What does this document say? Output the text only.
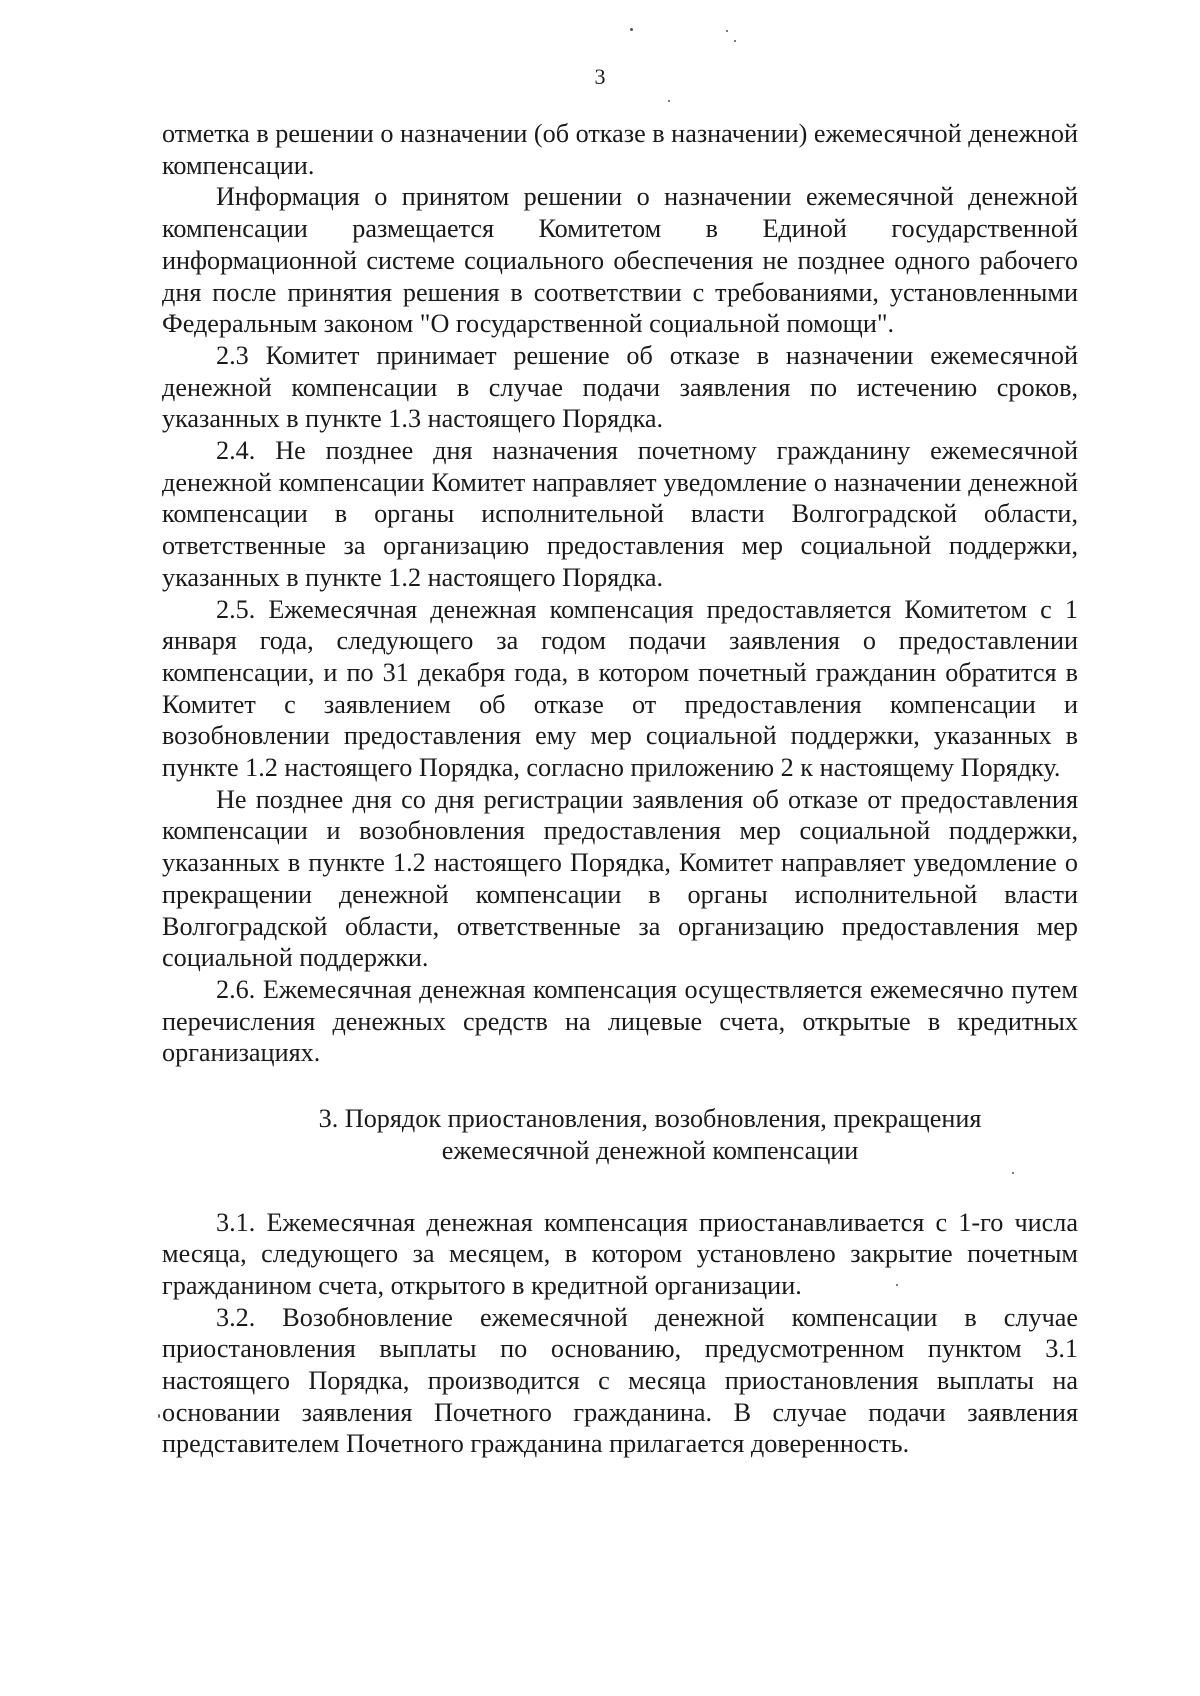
3

отметка в решении о назначении (об отказе в назначении) ежемесячной денежной компенсации.

Информация о принятом решении о назначении ежемесячной денежной компенсации размещается Комитетом в Единой государственной информационной системе социального обеспечения не позднее одного рабочего дня после принятия решения в соответствии с требованиями, установленными Федеральным законом "О государственной социальной помощи".

2.3 Комитет принимает решение об отказе в назначении ежемесячной денежной компенсации в случае подачи заявления по истечению сроков, указанных в пункте 1.3 настоящего Порядка.

2.4. Не позднее дня назначения почетному гражданину ежемесячной денежной компенсации Комитет направляет уведомление о назначении денежной компенсации в органы исполнительной власти Волгоградской области, ответственные за организацию предоставления мер социальной поддержки, указанных в пункте 1.2 настоящего Порядка.

2.5. Ежемесячная денежная компенсация предоставляется Комитетом с 1 января года, следующего за годом подачи заявления о предоставлении компенсации, и по 31 декабря года, в котором почетный гражданин обратится в Комитет с заявлением об отказе от предоставления компенсации и возобновлении предоставления ему мер социальной поддержки, указанных в пункте 1.2 настоящего Порядка, согласно приложению 2 к настоящему Порядку.

Не позднее дня со дня регистрации заявления об отказе от предоставления компенсации и возобновления предоставления мер социальной поддержки, указанных в пункте 1.2 настоящего Порядка, Комитет направляет уведомление о прекращении денежной компенсации в органы исполнительной власти Волгоградской области, ответственные за организацию предоставления мер социальной поддержки.

2.6. Ежемесячная денежная компенсация осуществляется ежемесячно путем перечисления денежных средств на лицевые счета, открытые в кредитных организациях.

3. Порядок приостановления, возобновления, прекращения
ежемесячной денежной компенсации

3.1. Ежемесячная денежная компенсация приостанавливается с 1-го числа месяца, следующего за месяцем, в котором установлено закрытие почетным гражданином счета, открытого в кредитной организации.

3.2. Возобновление ежемесячной денежной компенсации в случае приостановления выплаты по основанию, предусмотренном пунктом 3.1 настоящего Порядка, производится с месяца приостановления выплаты на основании заявления Почетного гражданина. В случае подачи заявления представителем Почетного гражданина прилагается доверенность.
